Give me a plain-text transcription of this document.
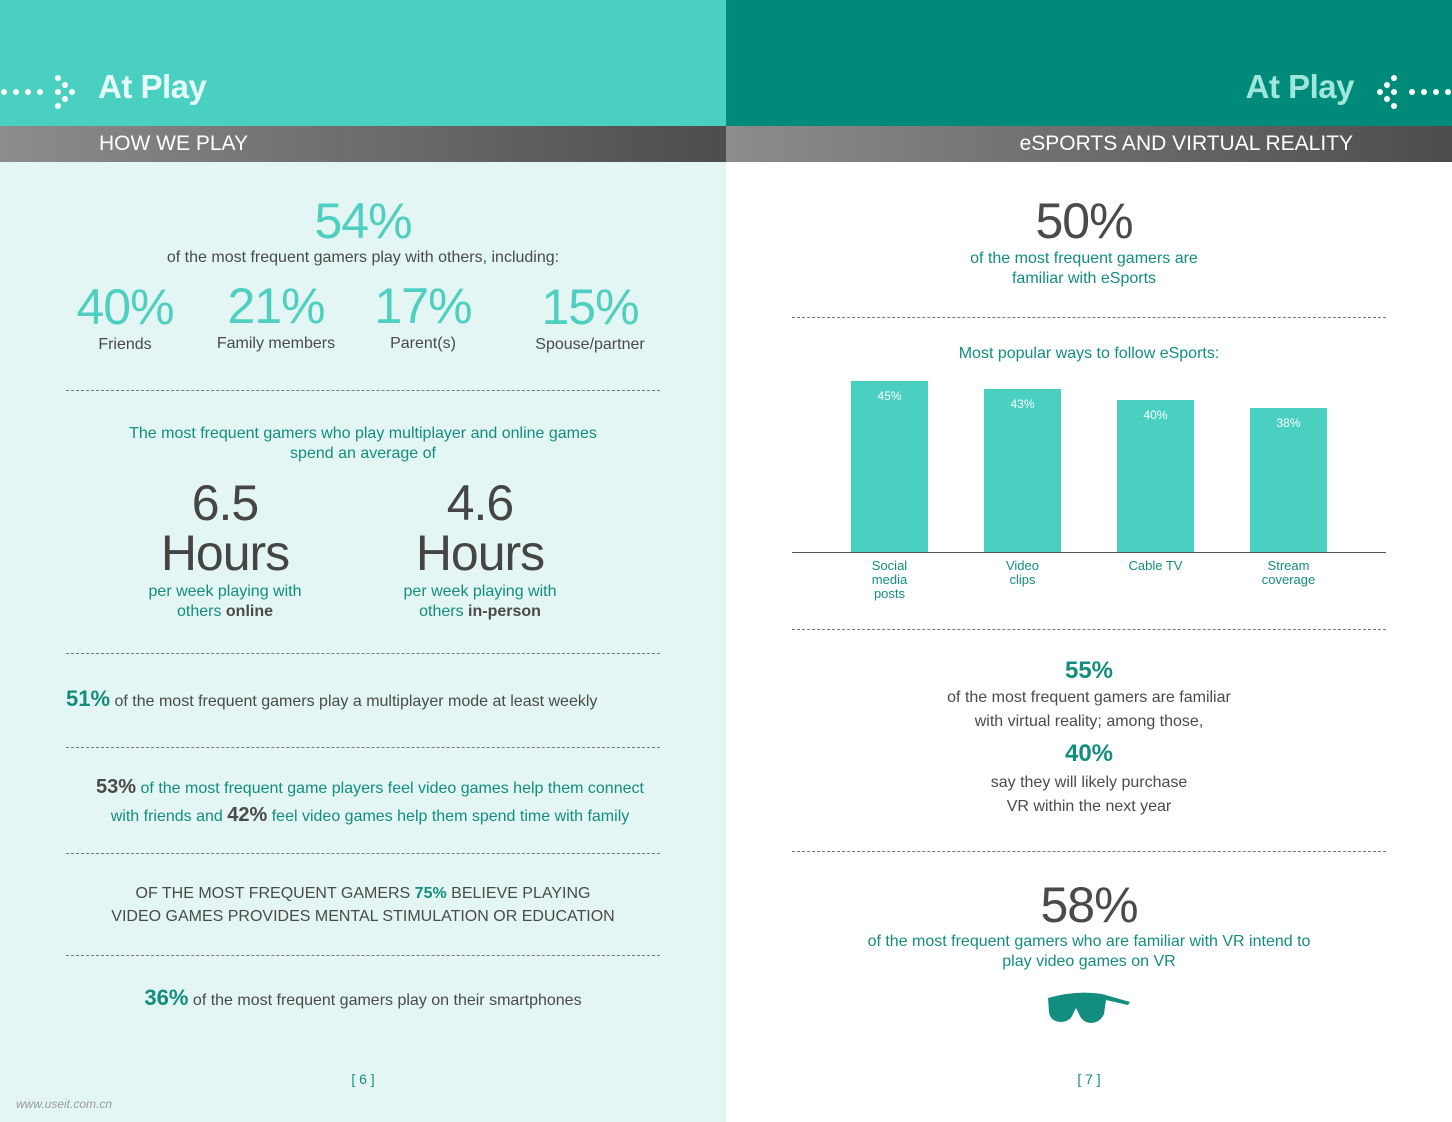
At Play
HOW WE PLAY
54%
of the most frequent gamers play with others, including:
40%
Friends
21%
Family members
17%
Parent(s)
15%
Spouse/partner
The most frequent gamers who play multiplayer and online games
spend an average of
6.5
Hours
per week playing with
others online
4.6
Hours
per week playing with
others in-person
51% of the most frequent gamers play a multiplayer mode at least weekly
53% of the most frequent game players feel video games help them connect
with friends and 42% feel video games help them spend time with family
OF THE MOST FREQUENT GAMERS 75% BELIEVE PLAYING
VIDEO GAMES PROVIDES MENTAL STIMULATION OR EDUCATION
36% of the most frequent gamers play on their smartphones
[ 6 ]
www.useit.com.cn
At Play
eSPORTS AND VIRTUAL REALITY
50%
of the most frequent gamers are
familiar with eSports
Most popular ways to follow eSports:
45%
Social
media
posts
43%
Video
clips
40%
Cable TV
38%
Stream
coverage
55%
of the most frequent gamers are familiar
with virtual reality; among those,
40%
say they will likely purchase
VR within the next year
58%
of the most frequent gamers who are familiar with VR intend to
play video games on VR
[ 7 ]
